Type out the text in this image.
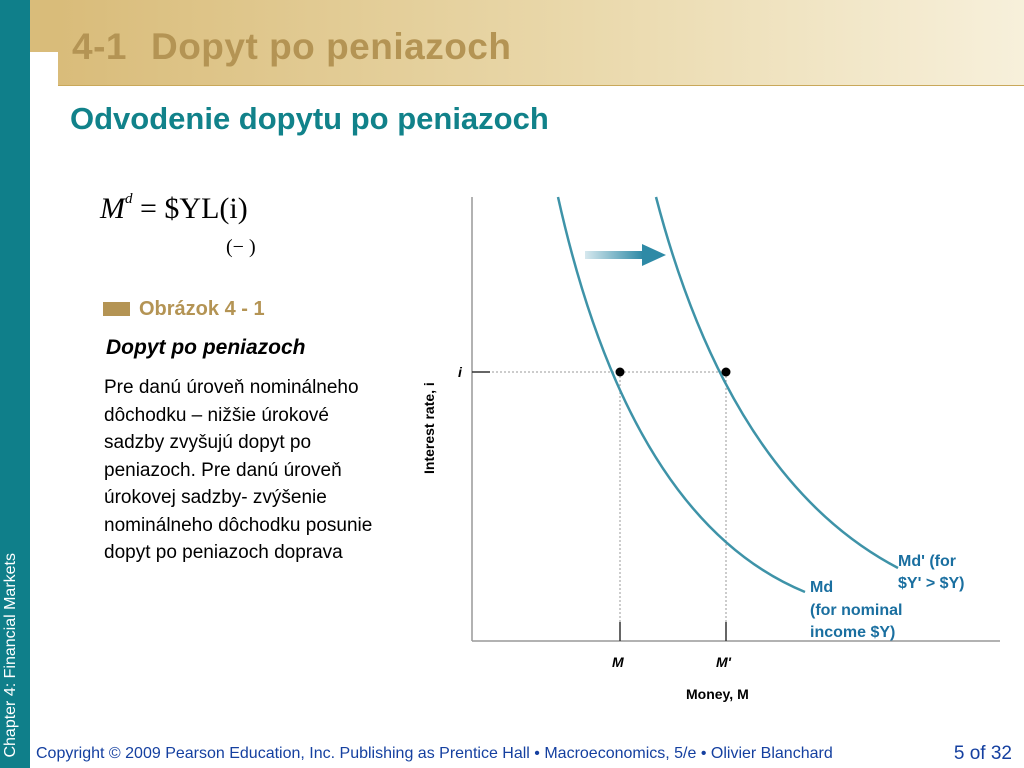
Chapter 4: Financial Markets
4-1 Dopyt po peniazoch
Odvodenie dopytu po peniazoch
$M^d$ = $YL(i)
(− )
Obrázok 4 - 1
Dopyt po peniazoch

Pre danú úroveň nominálneho dôchodku – nižšie úrokové sadzby zvyšujú dopyt po peniazoch. Pre danú úroveň úrokovej sadzby- zvýšenie nominálneho dôchodku posunie dopyt po peniazoch doprava

i
M	M'
Money, M
Interest rate, i
Md
(for nominal
income $Y)
Md' (for
$Y' > $Y)
Copyright © 2009 Pearson Education, Inc. Publishing as Prentice Hall • Macroeconomics, 5/e • Olivier Blanchard	5 of 32
